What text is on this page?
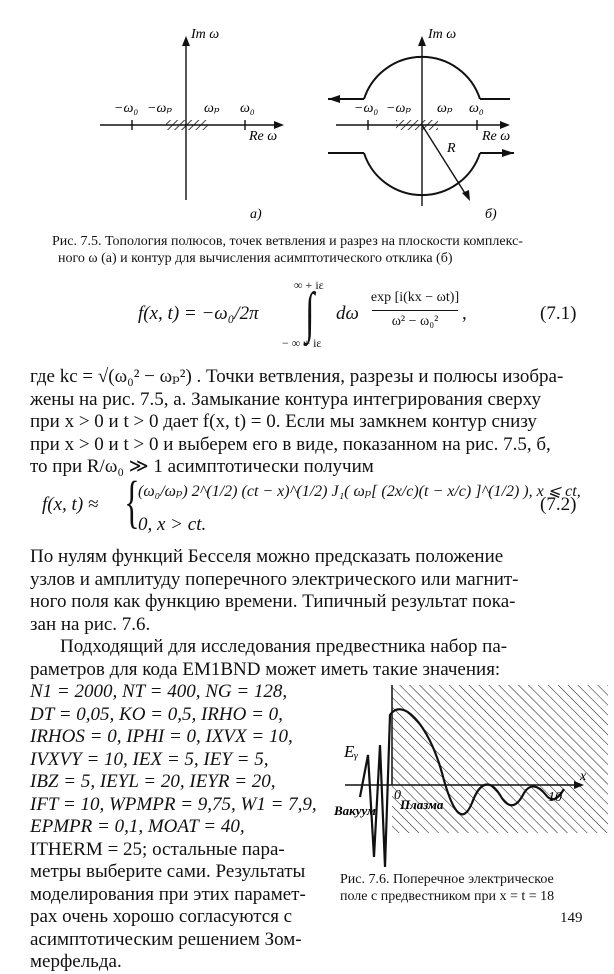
Im ω
Re ω
−ω₀ −ωₚ ωₚ ω₀
a)
R
Im ω
Re ω
−ω₀ −ωₚ ωₚ ω₀
б)
Рис. 7.5. Топология полюсов, точек ветвления и разрез на плоскости комплекс-
ного ω (а) и контур для вычисления асимптотического отклика (б)
f(x, t) = −ω₀/2π
∞ + iε
∫
− ∞ + iε
dω
exp [i(kx − ωt)]
ω² − ω₀²	,	(7.1)
где kc = √(ω₀² − ωₚ²) . Точки ветвления, разрезы и полюсы изобра-
жены на рис. 7.5, а. Замыкание контура интегрирования сверху
при x > 0 и t > 0 дает f(x, t) = 0. Если мы замкнем контур снизу
при x > 0 и t > 0 и выберем его в виде, показанном на рис. 7.5, б,
то при R/ω₀ ≫ 1 асимптотически получим
f(x, t) ≈ {
(ω₀/ωₚ) 2^(1/2) (ct − x)^(1/2) J₁( ωₚ[ (2x/c)(t − x/c) ]^(1/2) ), x ⩽ ct,
0, x > ct.
(7.2)
По нулям функций Бесселя можно предсказать положение
узлов и амплитуду поперечного электрического или магнит-
ного поля как функцию времени. Типичный результат пока-
зан на рис. 7.6.
Подходящий для исследования предвестника набор па-
раметров для кода EM1BND может иметь такие значения:
N1 = 2000, NT = 400, NG = 128,
DT = 0,05, KO = 0,5, IRHO = 0,
IRHOS = 0, IPHI = 0, IXVX = 10,
IVXVY = 10, IEX = 5, IEY = 5,
IBZ = 5, IEYL = 20, IEYR = 20,
IFT = 10, WPMPR = 9,75, W1 = 7,9,
EPMPR = 0,1, MOAT = 40,
ITHERM = 25; остальные пара-
метры выберите сами. Результаты
моделирования при этих парамет-
рах очень хорошо согласуются с
асимптотическим решением Зом-
мерфельда.
Eᵧ
0	10
x
Вакуум Плазма
Рис. 7.6. Поперечное электрическое
поле с предвестником при x = t = 18
149
